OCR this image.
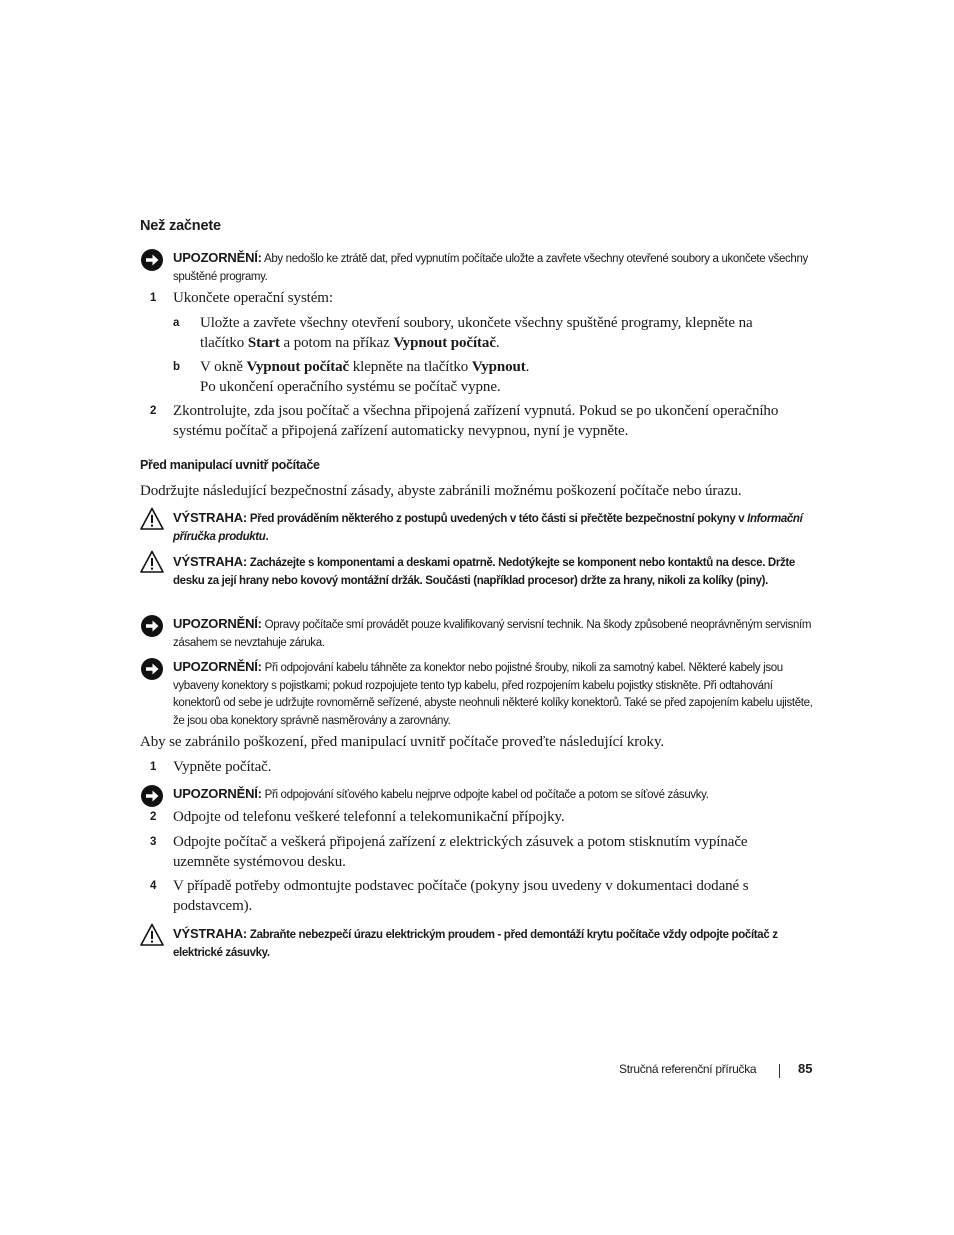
Než začnete
UPOZORNĚNÍ: Aby nedošlo ke ztrátě dat, před vypnutím počítače uložte a zavřete všechny otevřené soubory a ukončete všechny spuštěné programy.
1	Ukončete operační systém:
a	Uložte a zavřete všechny otevření soubory, ukončete všechny spuštěné programy, klepněte na tlačítko Start a potom na příkaz Vypnout počítač.
b	V okně Vypnout počítač klepněte na tlačítko Vypnout.
Po ukončení operačního systému se počítač vypne.
2	Zkontrolujte, zda jsou počítač a všechna připojená zařízení vypnutá. Pokud se po ukončení operačního systému počítač a připojená zařízení automaticky nevypnou, nyní je vypněte.
Před manipulací uvnitř počítače
Dodržujte následující bezpečnostní zásady, abyste zabránili možnému poškození počítače nebo úrazu.
VÝSTRAHA: Před prováděním některého z postupů uvedených v této části si přečtěte bezpečnostní pokyny v Informační příručka produktu.
VÝSTRAHA: Zacházejte s komponentami a deskami opatrně. Nedotýkejte se komponent nebo kontaktů na desce. Držte desku za její hrany nebo kovový montážní držák. Součásti (například procesor) držte za hrany, nikoli za kolíky (piny).
UPOZORNĚNÍ: Opravy počítače smí provádět pouze kvalifikovaný servisní technik. Na škody způsobené neoprávněným servisním zásahem se nevztahuje záruka.
UPOZORNĚNÍ: Při odpojování kabelu táhněte za konektor nebo pojistné šrouby, nikoli za samotný kabel. Některé kabely jsou vybaveny konektory s pojistkami; pokud rozpojujete tento typ kabelu, před rozpojením kabelu pojistky stiskněte. Při odtahování konektorů od sebe je udržujte rovnoměrně seřízené, abyste neohnuli některé kolíky konektorů. Také se před zapojením kabelu ujistěte, že jsou oba konektory správně nasměrovány a zarovnány.
Aby se zabránilo poškození, před manipulací uvnitř počítače proveďte následující kroky.
1	Vypněte počítač.
UPOZORNĚNÍ: Při odpojování síťového kabelu nejprve odpojte kabel od počítače a potom se síťové zásuvky.
2	Odpojte od telefonu veškeré telefonní a telekomunikační přípojky.
3	Odpojte počítač a veškerá připojená zařízení z elektrických zásuvek a potom stisknutím vypínače uzemněte systémovou desku.
4	V případě potřeby odmontujte podstavec počítače (pokyny jsou uvedeny v dokumentaci dodané s podstavcem).
VÝSTRAHA: Zabraňte nebezpečí úrazu elektrickým proudem - před demontáží krytu počítače vždy odpojte počítač z elektrické zásuvky.
Stručná referenční příručka	85
